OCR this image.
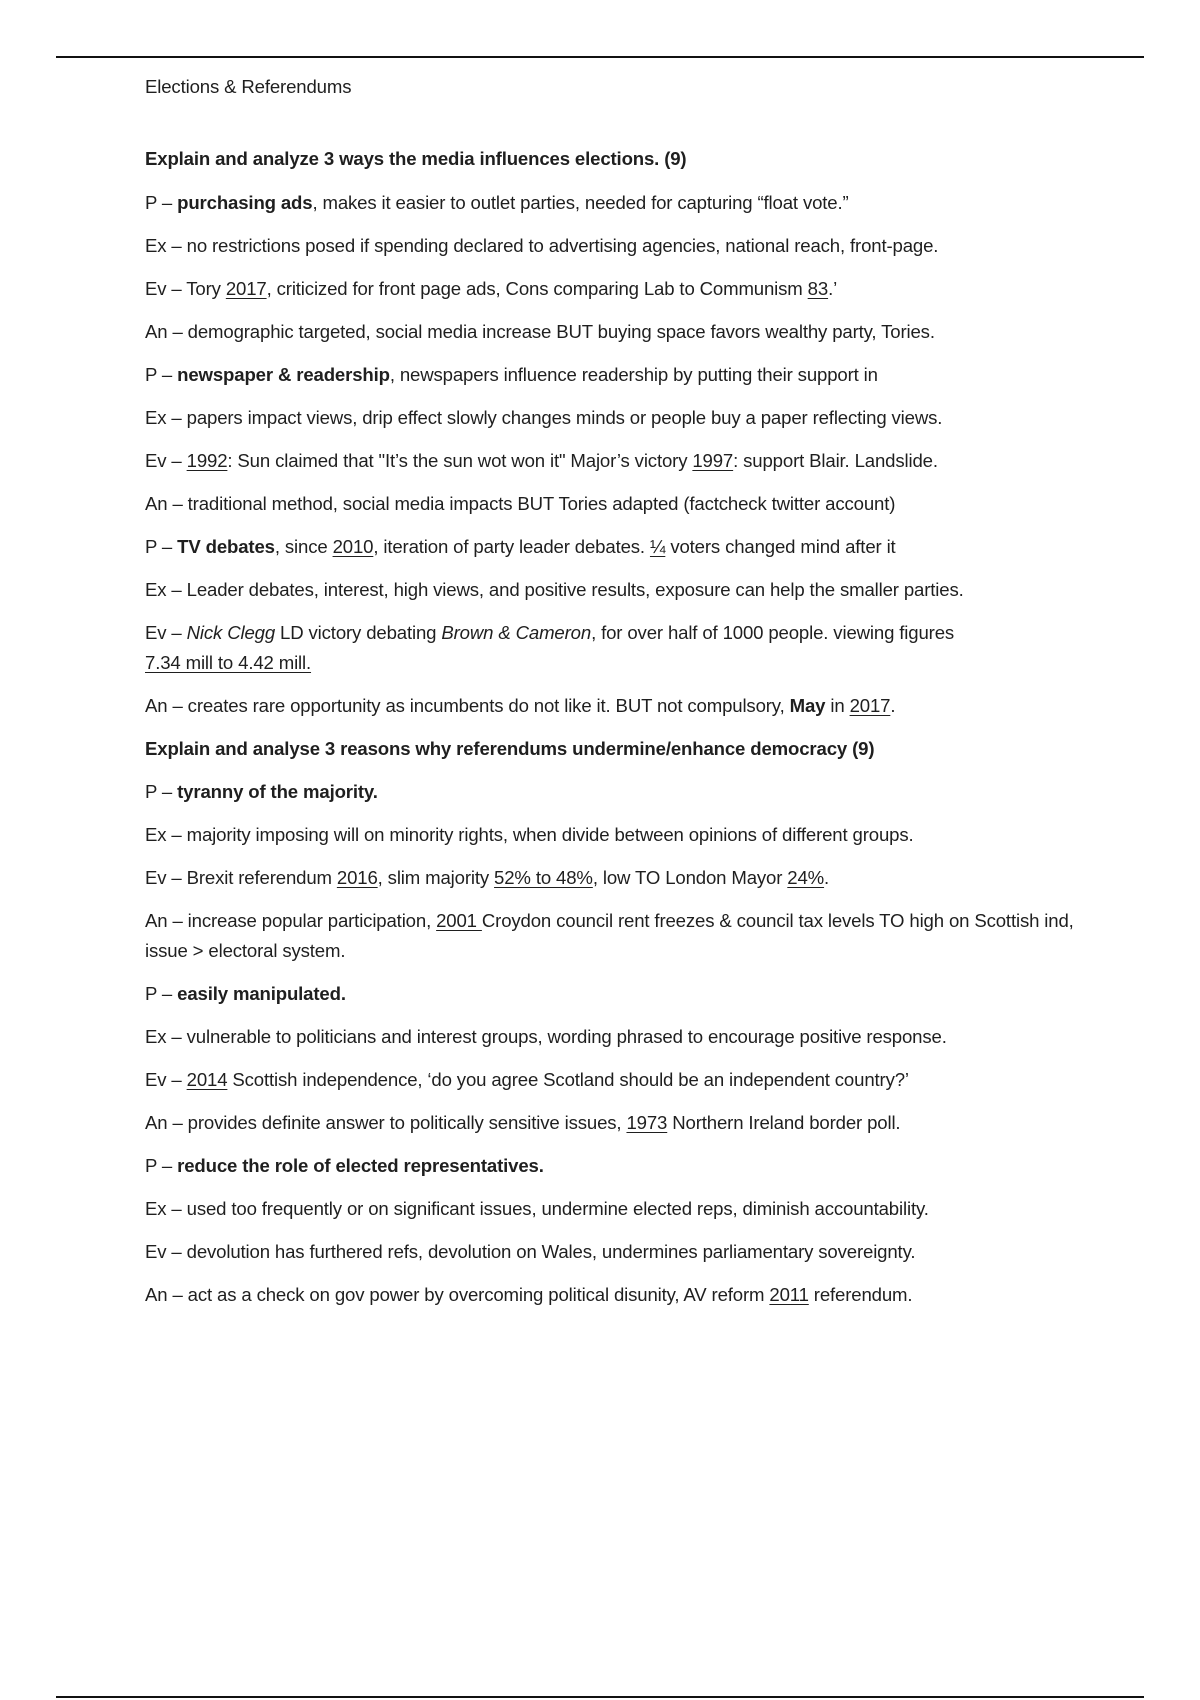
Elections & Referendums

Explain and analyze 3 ways the media influences elections. (9)

P – purchasing ads, makes it easier to outlet parties, needed for capturing “float vote.”

Ex – no restrictions posed if spending declared to advertising agencies, national reach, front-page.

Ev – Tory 2017, criticized for front page ads, Cons comparing Lab to Communism 83.’

An – demographic targeted, social media increase BUT buying space favors wealthy party, Tories.

P – newspaper & readership, newspapers influence readership by putting their support in

Ex – papers impact views, drip effect slowly changes minds or people buy a paper reflecting views.

Ev – 1992: Sun claimed that "It’s the sun wot won it" Major’s victory 1997: support Blair. Landslide.

An – traditional method, social media impacts BUT Tories adapted (factcheck twitter account)

P – TV debates, since 2010, iteration of party leader debates. ¼ voters changed mind after it

Ex – Leader debates, interest, high views, and positive results, exposure can help the smaller parties.

Ev – Nick Clegg LD victory debating Brown & Cameron, for over half of 1000 people. viewing figures
7.34 mill to 4.42 mill.

An – creates rare opportunity as incumbents do not like it. BUT not compulsory, May in 2017.

Explain and analyse 3 reasons why referendums undermine/enhance democracy (9)

P – tyranny of the majority.

Ex – majority imposing will on minority rights, when divide between opinions of different groups.

Ev – Brexit referendum 2016, slim majority 52% to 48%, low TO London Mayor 24%.

An – increase popular participation, 2001 Croydon council rent freezes & council tax levels TO high on Scottish ind, issue > electoral system.

P – easily manipulated.

Ex – vulnerable to politicians and interest groups, wording phrased to encourage positive response.

Ev – 2014 Scottish independence, ‘do you agree Scotland should be an independent country?’

An – provides definite answer to politically sensitive issues, 1973 Northern Ireland border poll.

P – reduce the role of elected representatives.

Ex – used too frequently or on significant issues, undermine elected reps, diminish accountability.

Ev – devolution has furthered refs, devolution on Wales, undermines parliamentary sovereignty.

An – act as a check on gov power by overcoming political disunity, AV reform 2011 referendum.
